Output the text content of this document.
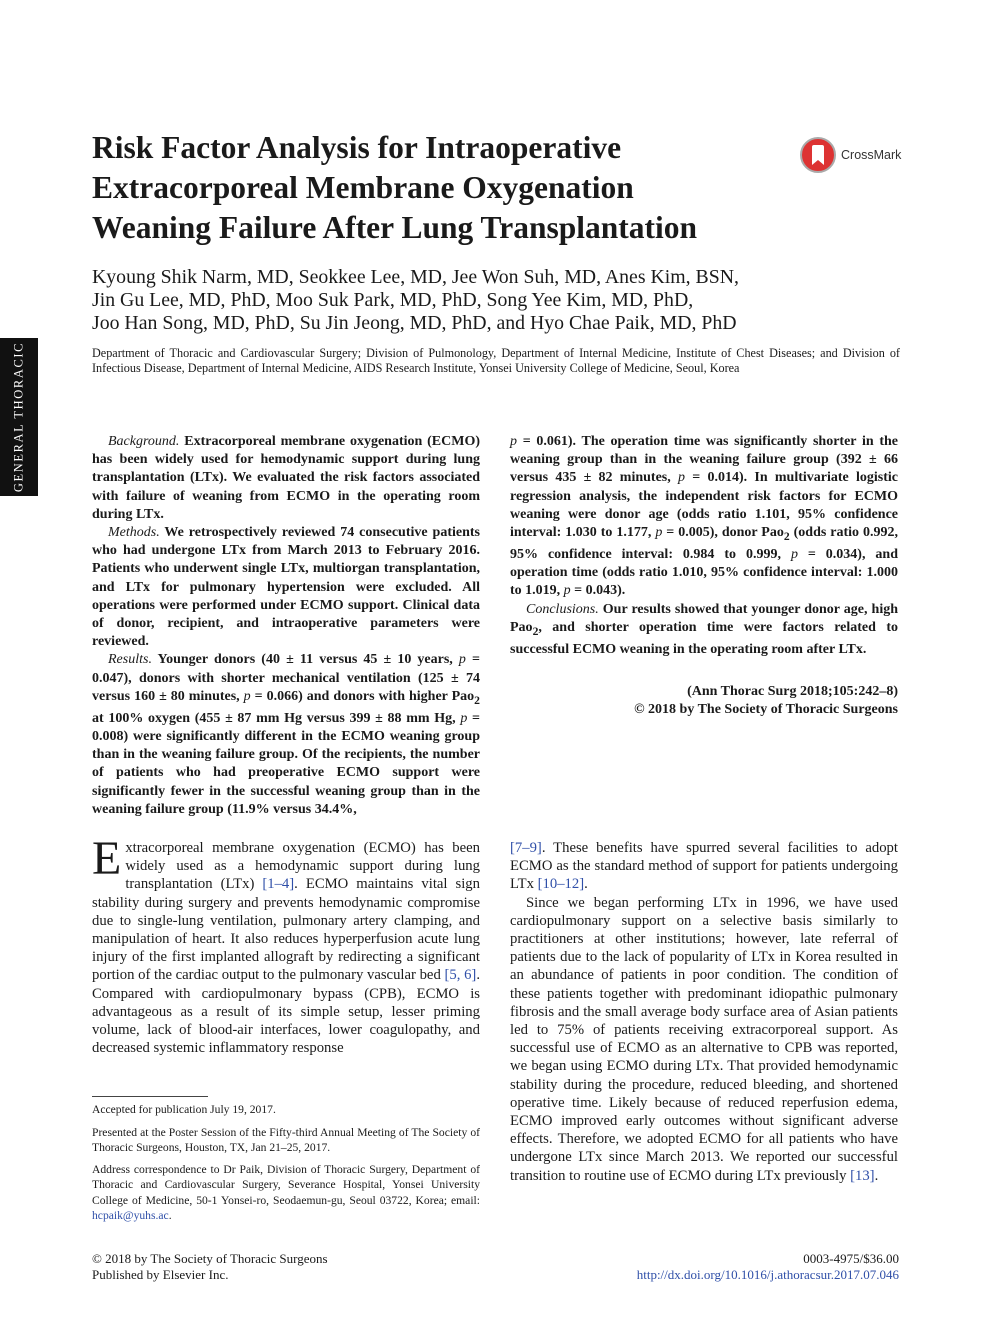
GENERAL THORACIC
Risk Factor Analysis for Intraoperative
Extracorporeal Membrane Oxygenation
Weaning Failure After Lung Transplantation
CrossMark
Kyoung Shik Narm, MD, Seokkee Lee, MD, Jee Won Suh, MD, Anes Kim, BSN,
Jin Gu Lee, MD, PhD, Moo Suk Park, MD, PhD, Song Yee Kim, MD, PhD,
Joo Han Song, MD, PhD, Su Jin Jeong, MD, PhD, and Hyo Chae Paik, MD, PhD
Department of Thoracic and Cardiovascular Surgery; Division of Pulmonology, Department of Internal Medicine, Institute of Chest Diseases; and Division of Infectious Disease, Department of Internal Medicine, AIDS Research Institute, Yonsei University College of Medicine, Seoul, Korea

Background. Extracorporeal membrane oxygenation (ECMO) has been widely used for hemodynamic support during lung transplantation (LTx). We evaluated the risk factors associated with failure of weaning from ECMO in the operating room during LTx.

Methods. We retrospectively reviewed 74 consecutive patients who had undergone LTx from March 2013 to February 2016. Patients who underwent single LTx, multiorgan transplantation, and LTx for pulmonary hypertension were excluded. All operations were performed under ECMO support. Clinical data of donor, recipient, and intraoperative parameters were reviewed.

Results. Younger donors (40 ± 11 versus 45 ± 10 years, p = 0.047), donors with shorter mechanical ventilation (125 ± 74 versus 160 ± 80 minutes, p = 0.066) and donors with higher Pao$_2$ at 100% oxygen (455 ± 87 mm Hg versus 399 ± 88 mm Hg, p = 0.008) were significantly different in the ECMO weaning group than in the weaning failure group. Of the recipients, the number of patients who had preoperative ECMO support were significantly fewer in the successful weaning group than in the weaning failure group (11.9% versus 34.4%,

p = 0.061). The operation time was significantly shorter in the weaning group than in the weaning failure group (392 ± 66 versus 435 ± 82 minutes, p = 0.014). In multivariate logistic regression analysis, the independent risk factors for ECMO weaning were donor age (odds ratio 1.101, 95% confidence interval: 1.030 to 1.177, p = 0.005), donor Pao$_2$ (odds ratio 0.992, 95% confidence interval: 0.984 to 0.999, p = 0.034), and operation time (odds ratio 1.010, 95% confidence interval: 1.000 to 1.019, p = 0.043).

Conclusions. Our results showed that younger donor age, high Pao$_2$, and shorter operation time were factors related to successful ECMO weaning in the operating room after LTx.

(Ann Thorac Surg 2018;105:242–8)
© 2018 by The Society of Thoracic Surgeons

Extracorporeal membrane oxygenation (ECMO) has been widely used as a hemodynamic support during lung transplantation (LTx) [1–4]. ECMO maintains vital sign stability during surgery and prevents hemodynamic compromise due to single-lung ventilation, pulmonary artery clamping, and manipulation of heart. It also reduces hyperperfusion acute lung injury of the first implanted allograft by redirecting a significant portion of the cardiac output to the pulmonary vascular bed [5, 6]. Compared with cardiopulmonary bypass (CPB), ECMO is advantageous as a result of its simple setup, lesser priming volume, lack of blood-air interfaces, lower coagulopathy, and decreased systemic inflammatory response

[7–9]. These benefits have spurred several facilities to adopt ECMO as the standard method of support for patients undergoing LTx [10–12].

Since we began performing LTx in 1996, we have used cardiopulmonary support on a selective basis similarly to practitioners at other institutions; however, late referral of patients due to the lack of popularity of LTx in Korea resulted in an abundance of patients in poor condition. The condition of these patients together with predominant idiopathic pulmonary fibrosis and the small average body surface area of Asian patients led to 75% of patients receiving extracorporeal support. As successful use of ECMO as an alternative to CPB was reported, we began using ECMO during LTx. That provided hemodynamic stability during the procedure, reduced bleeding, and shortened operative time. Likely because of reduced reperfusion edema, ECMO improved early outcomes without significant adverse effects. Therefore, we adopted ECMO for all patients who have undergone LTx since March 2013. We reported our successful transition to routine use of ECMO during LTx previously [13].

Accepted for publication July 19, 2017.
Presented at the Poster Session of the Fifty-third Annual Meeting of The Society of Thoracic Surgeons, Houston, TX, Jan 21–25, 2017.
Address correspondence to Dr Paik, Division of Thoracic Surgery, Department of Thoracic and Cardiovascular Surgery, Severance Hospital, Yonsei University College of Medicine, 50-1 Yonsei-ro, Seodaemun-gu, Seoul 03722, Korea; email: hcpaik@yuhs.ac.
© 2018 by The Society of Thoracic Surgeons
Published by Elsevier Inc.
0003-4975/$36.00
http://dx.doi.org/10.1016/j.athoracsur.2017.07.046
